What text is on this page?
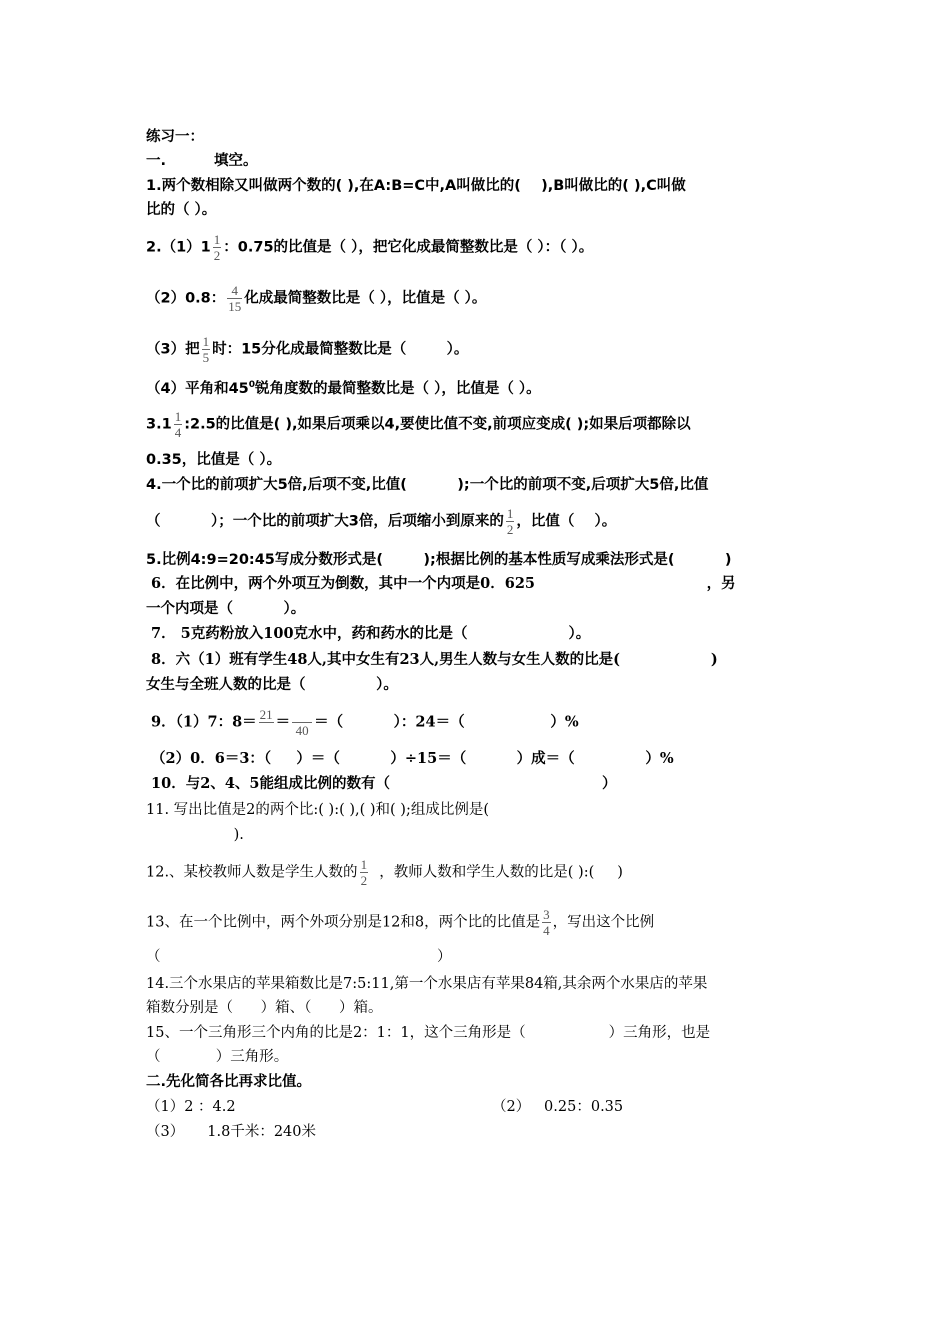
练习一：
一.	填空。
1.两个数相除又叫做两个数的( ),在A:B=C中,A叫做比的(    ),B叫做比的( ),C叫做
比的（ ）。
$2.(1)1 \frac{1}{2}$ ：0.75的比值是（ ），把它化成最简整数比是（ ）：（ ）。
（2）0.8： $\frac{4}{15}$ 化成最简整数比是（ ），比值是（ ）。
（3）把 $\frac{1}{5}$ 时：15分化成最简整数比是（        ）。
（4）平角和$45^0$锐角度数的最简整数比是（ ），比值是（ ）。
$3.1 \frac{1}{4}$ :2.5的比值是( ),如果后项乘以4,要使比值不变,前项应变成( );如果后项都除以
0.35，比值是（ ）。
4.一个比的前项扩大5倍,后项不变,比值(          );一个比的前项不变,后项扩大5倍,比值
（          ）；一个比的前项扩大3倍，后项缩小到原来的 $\frac{1}{2}$ ，比值（    ）。
5.比例4:9=20:45写成分数形式是(        );根据比例的基本性质写成乘法形式是(          )
6．在比例中，两个外项互为倒数，其中一个内项是0．625                                  ，另
一个内项是（          ）。
7． 5克药粉放入100克水中，药和药水的比是（                    ）。
8．六（1）班有学生48人,其中女生有23人,男生人数与女生人数的比是(                  )
女生与全班人数的比是（              ）。
9．（1）7：8＝ 21 ＝ 40 ＝（          ）：24＝（                 ）%
（2）0．6＝3：（     ）＝（          ）÷15＝（          ）成＝（              ）%
10．与2、4、5能组成比例的数有（                                          ）
11. 写出比值是2的两个比:( ):( ),( )和( );组成比例是(
).
12.、某校教师人数是学生人数的 $\frac{1}{2}$ ，教师人数和学生人数的比是( ):(     )
13、在一个比例中，两个外项分别是12和8，两个比的比值是 $\frac{3}{4}$ ，写出这个比例
（                                                            ）
14.三个水果店的苹果箱数比是7:5:11,第一个水果店有苹果84箱,其余两个水果店的苹果
箱数分别是（      ）箱、（      ）箱。
15、一个三角形三个内角的比是2：1：1，这个三角形是（                  ）三角形，也是
（            ）三角形。
二.先化简各比再求比值。
（1）2 ：4.2	（2）   0.25：0.35
（3）     1.8千米：240米
